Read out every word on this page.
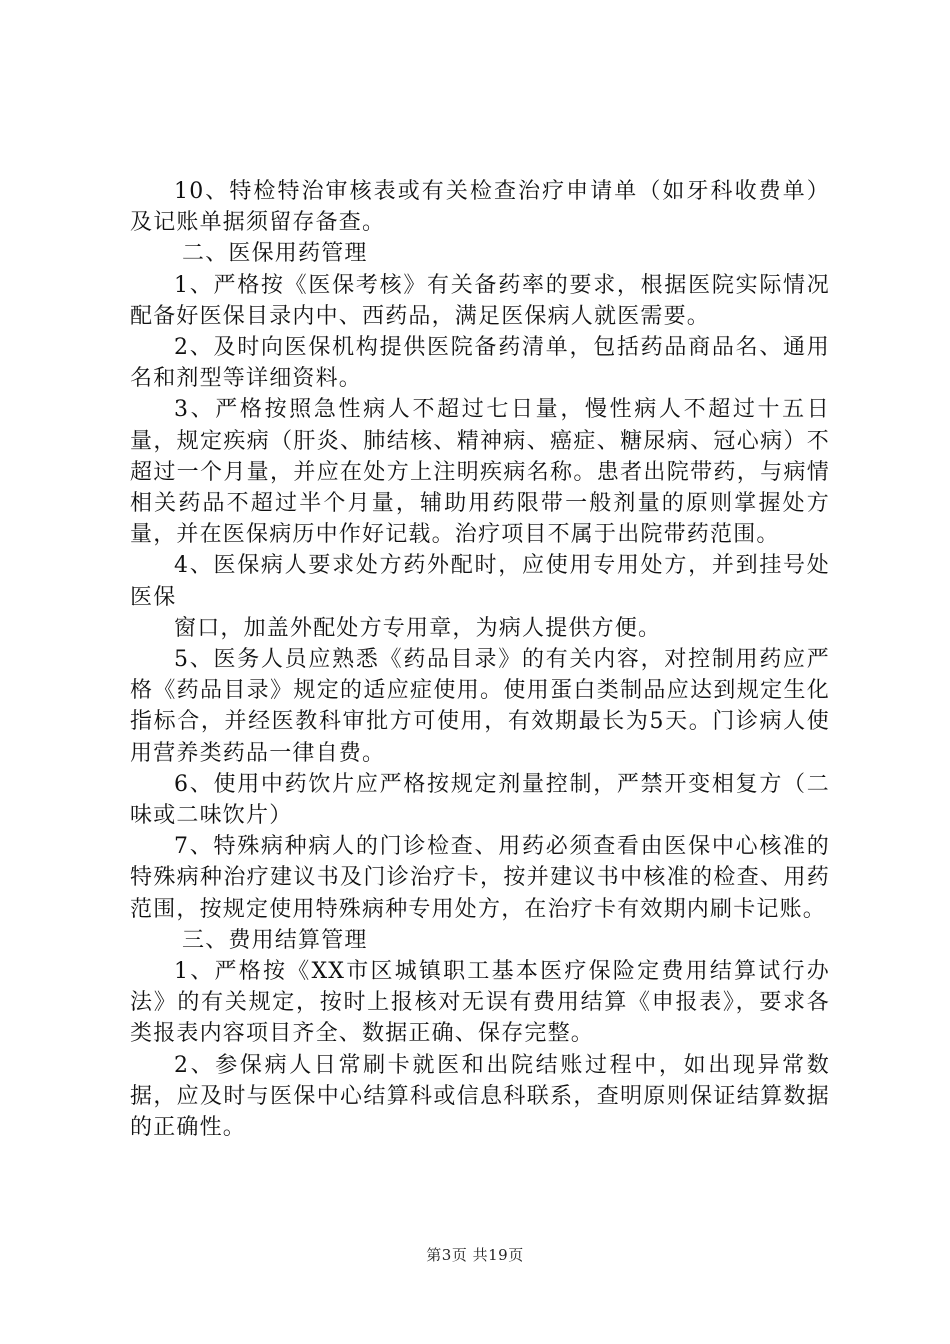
10、特检特治审核表或有关检查治疗申请单（如牙科收费单）及记账单据须留存备查。

二、医保用药管理

1、严格按《医保考核》有关备药率的要求，根据医院实际情况配备好医保目录内中、西药品，满足医保病人就医需要。

2、及时向医保机构提供医院备药清单，包括药品商品名、通用名和剂型等详细资料。

3、严格按照急性病人不超过七日量，慢性病人不超过十五日量，规定疾病（肝炎、肺结核、精神病、癌症、糖尿病、冠心病）不超过一个月量，并应在处方上注明疾病名称。患者出院带药，与病情相关药品不超过半个月量，辅助用药限带一般剂量的原则掌握处方量，并在医保病历中作好记载。治疗项目不属于出院带药范围。

4、医保病人要求处方药外配时，应使用专用处方，并到挂号处医保

窗口，加盖外配处方专用章，为病人提供方便。

5、医务人员应熟悉《药品目录》的有关内容，对控制用药应严格《药品目录》规定的适应症使用。使用蛋白类制品应达到规定生化指标合，并经医教科审批方可使用，有效期最长为5天。门诊病人使用营养类药品一律自费。

6、使用中药饮片应严格按规定剂量控制，严禁开变相复方（二味或二味饮片）

7、特殊病种病人的门诊检查、用药必须查看由医保中心核准的特殊病种治疗建议书及门诊治疗卡，按并建议书中核准的检查、用药范围，按规定使用特殊病种专用处方，在治疗卡有效期内刷卡记账。

三、费用结算管理

1、严格按《XX市区城镇职工基本医疗保险定费用结算试行办法》的有关规定，按时上报核对无误有费用结算《申报表》，要求各类报表内容项目齐全、数据正确、保存完整。

2、参保病人日常刷卡就医和出院结账过程中，如出现异常数据，应及时与医保中心结算科或信息科联系，查明原则保证结算数据的正确性。

第3页 共19页
